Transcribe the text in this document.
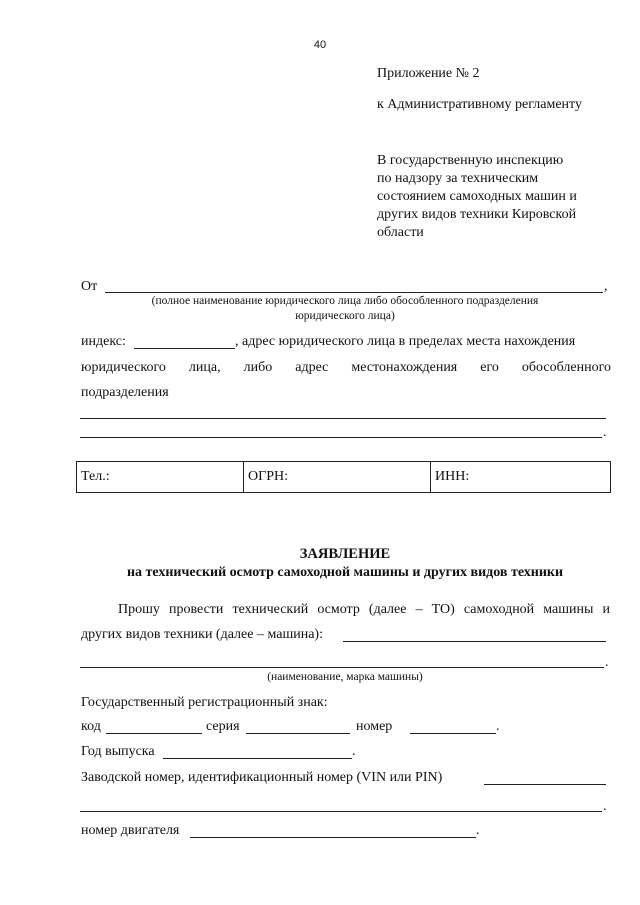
40
Приложение № 2
к Административному регламенту
В государственную инспекцию
по надзору за техническим
состоянием самоходных машин и
других видов техники Кировской
области
От	,
(полное наименование юридического лица либо обособленного подразделения
юридического лица)
индекс:	, адрес юридического лица в пределах места нахождения
юридического лица, либо адрес местонахождения его обособленного
подразделения
.
Тел.:	ОГРН:	ИНН:
ЗАЯВЛЕНИЕ
на технический осмотр самоходной машины и других видов техники
Прошу провести технический осмотр (далее – ТО) самоходной машины и
других видов техники (далее – машина):
.
(наименование, марка машины)
Государственный регистрационный знак:
код	серия	номер	.
Год выпуска	.
Заводской номер, идентификационный номер (VIN или PIN)
.
номер двигателя	.
